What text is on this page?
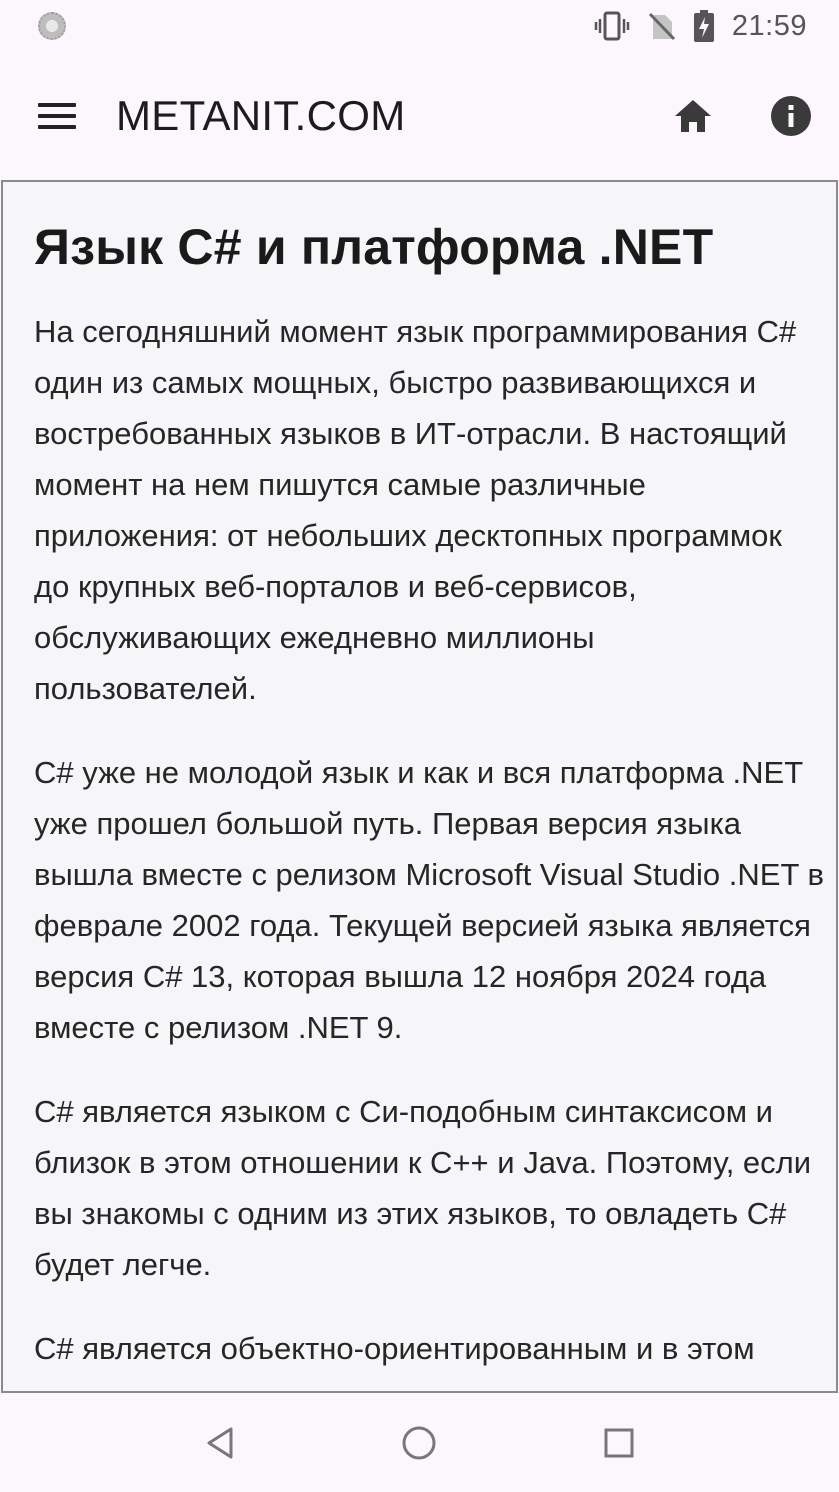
21:59
METANIT.COM
Язык C# и платформа .NET

На сегодняшний момент язык программирования C# один из самых мощных, быстро развивающихся и востребованных языков в ИТ-отрасли. В настоящий момент на нем пишутся самые различные приложения: от небольших десктопных программок до крупных веб-порталов и веб-сервисов, обслуживающих ежедневно миллионы пользователей.

C# уже не молодой язык и как и вся платформа .NET уже прошел большой путь. Первая версия языка вышла вместе с релизом Microsoft Visual Studio .NET в феврале 2002 года. Текущей версией языка является версия C# 13, которая вышла 12 ноября 2024 года вместе с релизом .NET 9.

C# является языком с Си-подобным синтаксисом и близок в этом отношении к C++ и Java. Поэтому, если вы знакомы с одним из этих языков, то овладеть C# будет легче.

C# является объектно-ориентированным и в этом
